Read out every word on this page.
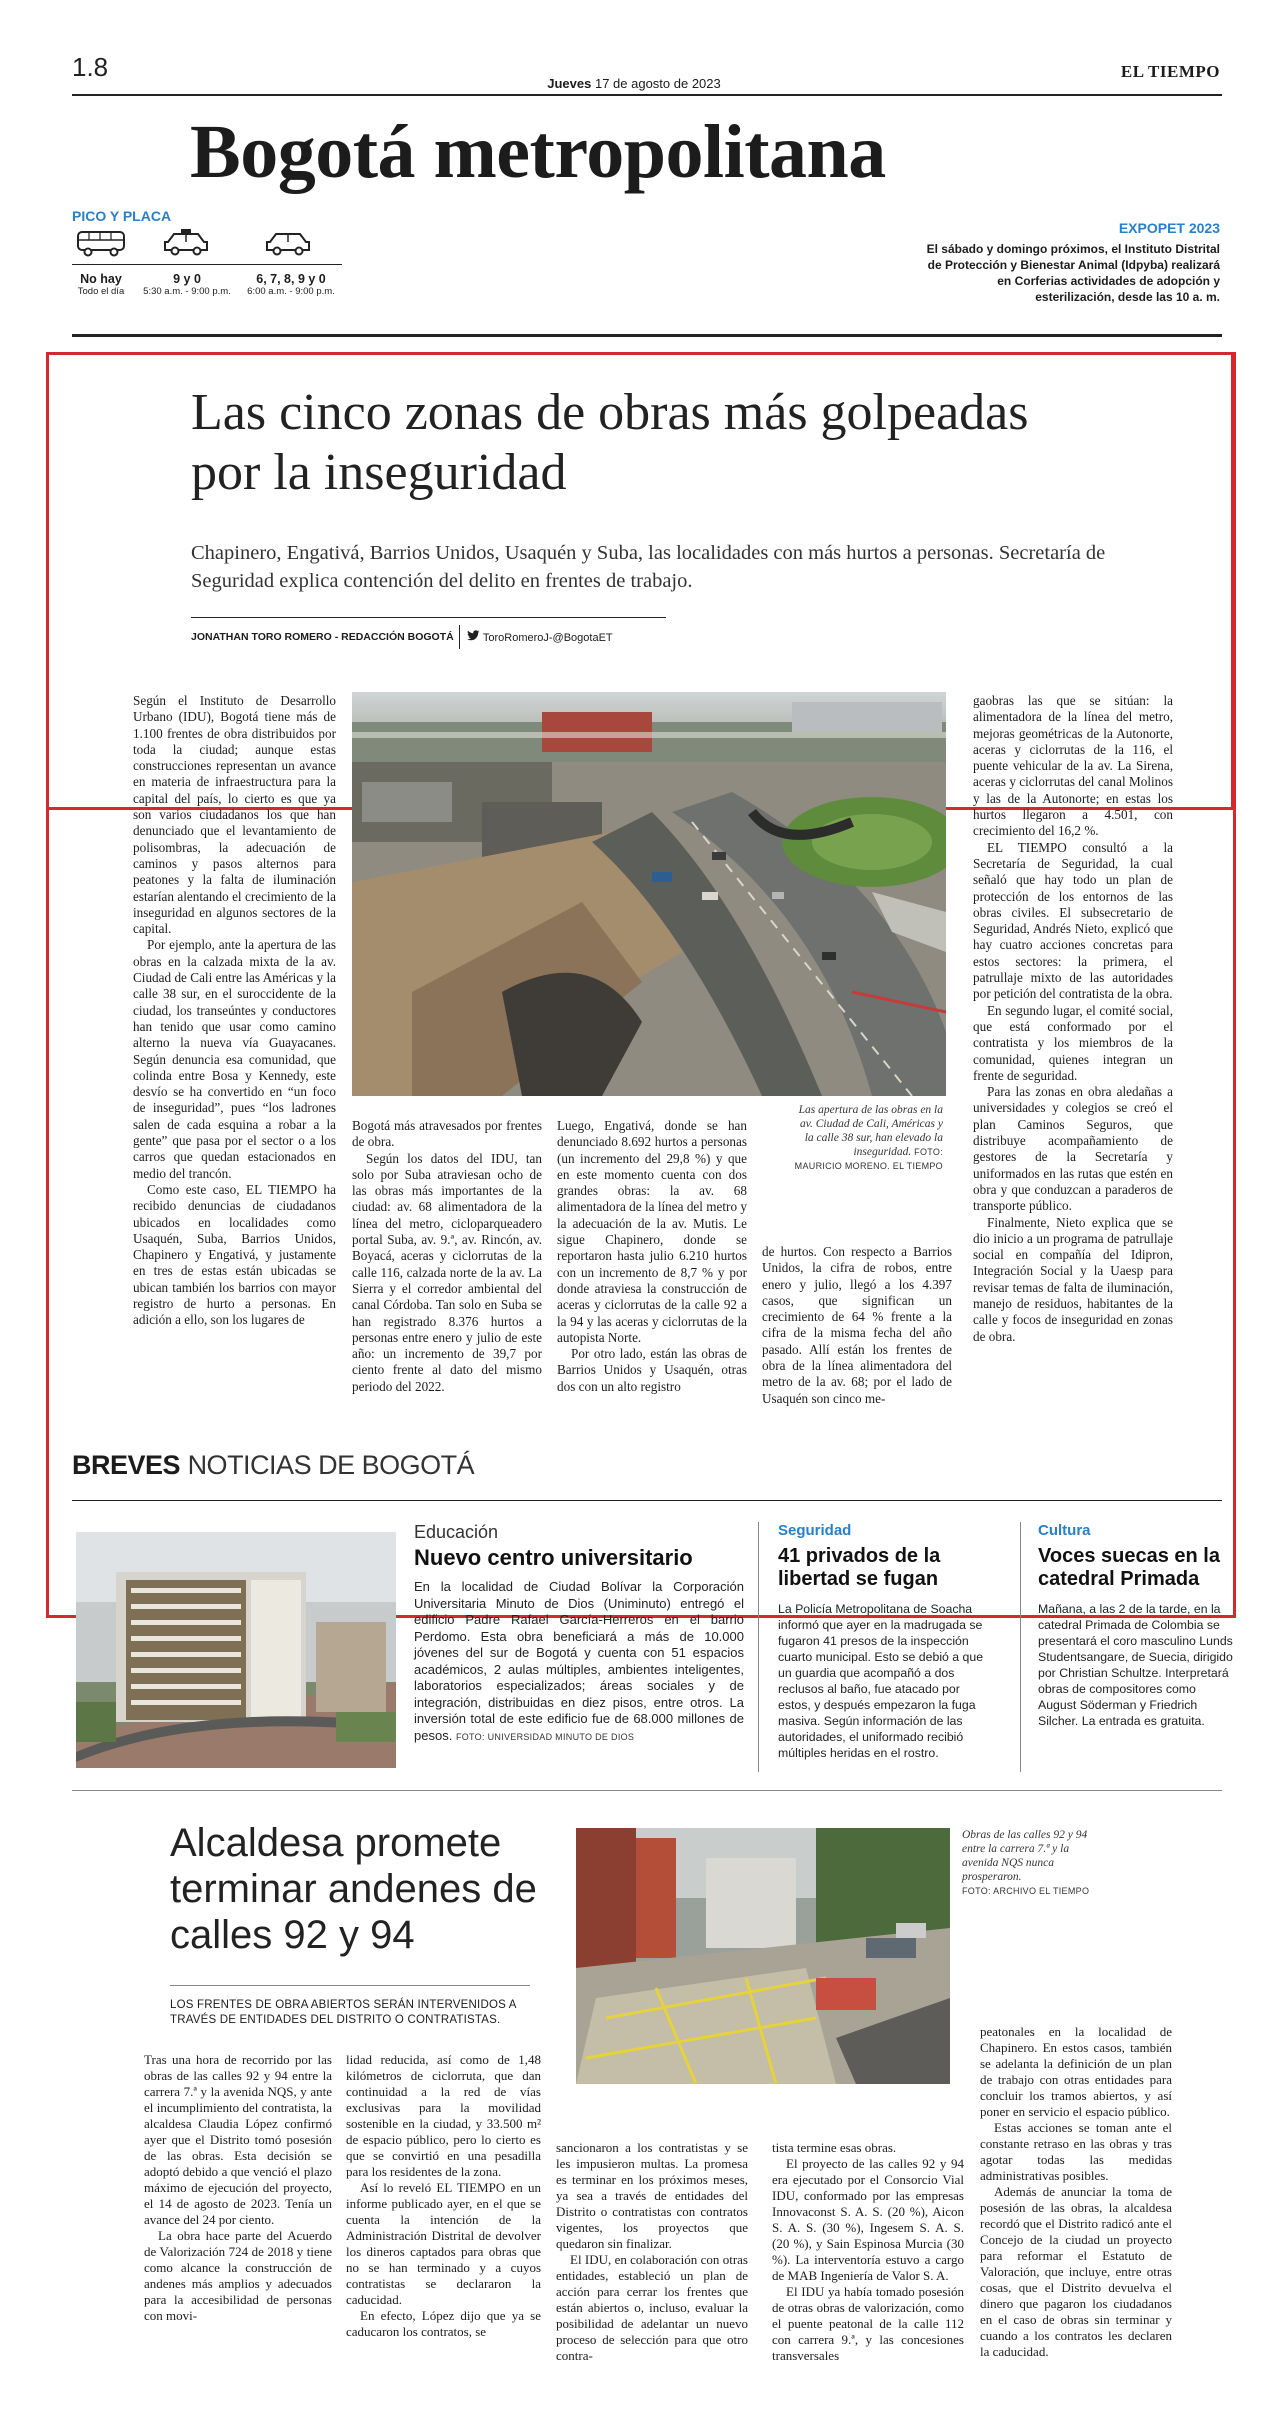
1.8
Jueves 17 de agosto de 2023
EL TIEMPO
Bogotá metropolitana
PICO Y PLACA
No hay
Todo el día
9 y 0
5:30 a.m. - 9:00 p.m.
6, 7, 8, 9 y 0
6:00 a.m. - 9:00 p.m.
EXPOPET 2023
El sábado y domingo próximos, el Instituto Distrital de Protección y Bienestar Animal (Idpyba) realizará en Corferias actividades de adopción y esterilización, desde las 10 a. m.
Las cinco zonas de obras más golpeadas por la inseguridad
Chapinero, Engativá, Barrios Unidos, Usaquén y Suba, las localidades con más hurtos a personas. Secretaría de Seguridad explica contención del delito en frentes de trabajo.
JONATHAN TORO ROMERO - REDACCIÓN BOGOTÁ	ToroRomeroJ-@BogotaET
Las apertura de las obras en la av. Ciudad de Cali, Américas y la calle 38 sur, han elevado la inseguridad. FOTO:
MAURICIO MORENO. EL TIEMPO

Según el Instituto de Desarrollo Urbano (IDU), Bogotá tiene más de 1.100 frentes de obra distribuidos por toda la ciudad; aunque estas construcciones representan un avance en materia de infraestructura para la capital del país, lo cierto es que ya son varios ciudadanos los que han denunciado que el levantamiento de polisombras, la adecuación de caminos y pasos alternos para peatones y la falta de iluminación estarían alentando el crecimiento de la inseguridad en algunos sectores de la capital.

Por ejemplo, ante la apertura de las obras en la calzada mixta de la av. Ciudad de Cali entre las Américas y la calle 38 sur, en el suroccidente de la ciudad, los transeúntes y conductores han tenido que usar como camino alterno la nueva vía Guayacanes. Según denuncia esa comunidad, que colinda entre Bosa y Kennedy, este desvío se ha convertido en “un foco de inseguridad”, pues “los ladrones salen de cada esquina a robar a la gente” que pasa por el sector o a los carros que quedan estacionados en medio del trancón.

Como este caso, EL TIEMPO ha recibido denuncias de ciudadanos ubicados en localidades como Usaquén, Suba, Barrios Unidos, Chapinero y Engativá, y justamente en tres de estas están ubicadas se ubican también los barrios con mayor registro de hurto a personas. En adición a ello, son los lugares de

Bogotá más atravesados por frentes de obra.

Según los datos del IDU, tan solo por Suba atraviesan ocho de las obras más importantes de la ciudad: av. 68 alimentadora de la línea del metro, cicloparqueadero portal Suba, av. 9.ª, av. Rincón, av. Boyacá, aceras y ciclorrutas de la calle 116, calzada norte de la av. La Sierra y el corredor ambiental del canal Córdoba. Tan solo en Suba se han registrado 8.376 hurtos a personas entre enero y julio de este año: un incremento de 39,7 por ciento frente al dato del mismo periodo del 2022.

Luego, Engativá, donde se han denunciado 8.692 hurtos a personas (un incremento del 29,8 %) y que en este momento cuenta con dos grandes obras: la av. 68 alimentadora de la línea del metro y la adecuación de la av. Mutis. Le sigue Chapinero, donde se reportaron hasta julio 6.210 hurtos con un incremento de 8,7 % y por donde atraviesa la construcción de aceras y ciclorrutas de la calle 92 a la 94 y las aceras y ciclorrutas de la autopista Norte.

Por otro lado, están las obras de Barrios Unidos y Usaquén, otras dos con un alto registro

de hurtos. Con respecto a Barrios Unidos, la cifra de robos, entre enero y julio, llegó a los 4.397 casos, que significan un crecimiento de 64 % frente a la cifra de la misma fecha del año pasado. Allí están los frentes de obra de la línea alimentadora del metro de la av. 68; por el lado de Usaquén son cinco me-

gaobras las que se sitúan: la alimentadora de la línea del metro, mejoras geométricas de la Autonorte, aceras y ciclorrutas de la 116, el puente vehicular de la av. La Sirena, aceras y ciclorrutas del canal Molinos y las de la Autonorte; en estas los hurtos llegaron a 4.501, con crecimiento del 16,2 %.

EL TIEMPO consultó a la Secretaría de Seguridad, la cual señaló que hay todo un plan de protección de los entornos de las obras civiles. El subsecretario de Seguridad, Andrés Nieto, explicó que hay cuatro acciones concretas para estos sectores: la primera, el patrullaje mixto de las autoridades por petición del contratista de la obra.

En segundo lugar, el comité social, que está conformado por el contratista y los miembros de la comunidad, quienes integran un frente de seguridad.

Para las zonas en obra aledañas a universidades y colegios se creó el plan Caminos Seguros, que distribuye acompañamiento de gestores de la Secretaría y uniformados en las rutas que estén en obra y que conduzcan a paraderos de transporte público.

Finalmente, Nieto explica que se dio inicio a un programa de patrullaje social en compañía del Idipron, Integración Social y la Uaesp para revisar temas de falta de iluminación, manejo de residuos, habitantes de la calle y focos de inseguridad en zonas de obra.

BREVES NOTICIAS DE BOGOTÁ
Educación
Nuevo centro universitario
En la localidad de Ciudad Bolívar la Corporación Universitaria Minuto de Dios (Uniminuto) entregó el edificio Padre Rafael García-Herreros en el barrio Perdomo. Esta obra beneficiará a más de 10.000 jóvenes del sur de Bogotá y cuenta con 51 espacios académicos, 2 aulas múltiples, ambientes inteligentes, laboratorios especializados; áreas sociales y de integración, distribuidas en diez pisos, entre otros. La inversión total de este edificio fue de 68.000 millones de pesos. FOTO: UNIVERSIDAD MINUTO DE DIOS
Seguridad
41 privados de la libertad se fugan
La Policía Metropolitana de Soacha informó que ayer en la madrugada se fugaron 41 presos de la inspección cuarto municipal. Esto se debió a que un guardia que acompañó a dos reclusos al baño, fue atacado por estos, y después empezaron la fuga masiva. Según información de las autoridades, el uniformado recibió múltiples heridas en el rostro.
Cultura
Voces suecas en la catedral Primada
Mañana, a las 2 de la tarde, en la catedral Primada de Colombia se presentará el coro masculino Lunds Studentsangare, de Suecia, dirigido por Christian Schultze. Interpretará obras de compositores como August Söderman y Friedrich Silcher. La entrada es gratuita.
Alcaldesa promete terminar andenes de calles 92 y 94
LOS FRENTES DE OBRA ABIERTOS SERÁN INTERVENIDOS A TRAVÉS DE ENTIDADES DEL DISTRITO O CONTRATISTAS.
Obras de las calles 92 y 94 entre la carrera 7.ª y la avenida NQS nunca prosperaron.
FOTO: ARCHIVO EL TIEMPO

Tras una hora de recorrido por las obras de las calles 92 y 94 entre la carrera 7.ª y la avenida NQS, y ante el incumplimiento del contratista, la alcaldesa Claudia López confirmó ayer que el Distrito tomó posesión de las obras. Esta decisión se adoptó debido a que venció el plazo máximo de ejecución del proyecto, el 14 de agosto de 2023. Tenía un avance del 24 por ciento.

La obra hace parte del Acuerdo de Valorización 724 de 2018 y tiene como alcance la construcción de andenes más amplios y adecuados para la accesibilidad de personas con movi-

lidad reducida, así como de 1,48 kilómetros de ciclorruta, que dan continuidad a la red de vías exclusivas para la movilidad sostenible en la ciudad, y 33.500 m² de espacio público, pero lo cierto es que se convirtió en una pesadilla para los residentes de la zona.

Así lo reveló EL TIEMPO en un informe publicado ayer, en el que se cuenta la intención de la Administración Distrital de devolver los dineros captados para obras que no se han terminado y a cuyos contratistas se declararon la caducidad.

En efecto, López dijo que ya se caducaron los contratos, se

sancionaron a los contratistas y se les impusieron multas. La promesa es terminar en los próximos meses, ya sea a través de entidades del Distrito o contratistas con contratos vigentes, los proyectos que quedaron sin finalizar.

El IDU, en colaboración con otras entidades, estableció un plan de acción para cerrar los frentes que están abiertos o, incluso, evaluar la posibilidad de adelantar un nuevo proceso de selección para que otro contra-

tista termine esas obras.

El proyecto de las calles 92 y 94 era ejecutado por el Consorcio Vial IDU, conformado por las empresas Innovaconst S. A. S. (20 %), Aicon S. A. S. (30 %), Ingesem S. A. S. (20 %), y Sain Espinosa Murcia (30 %). La interventoría estuvo a cargo de MAB Ingeniería de Valor S. A.

El IDU ya había tomado posesión de otras obras de valorización, como el puente peatonal de la calle 112 con carrera 9.ª, y las concesiones transversales

peatonales en la localidad de Chapinero. En estos casos, también se adelanta la definición de un plan de trabajo con otras entidades para concluir los tramos abiertos, y así poner en servicio el espacio público.

Estas acciones se toman ante el constante retraso en las obras y tras agotar todas las medidas administrativas posibles.

Además de anunciar la toma de posesión de las obras, la alcaldesa recordó que el Distrito radicó ante el Concejo de la ciudad un proyecto para reformar el Estatuto de Valoración, que incluye, entre otras cosas, que el Distrito devuelva el dinero que pagaron los ciudadanos en el caso de obras sin terminar y cuando a los contratos les declaren la caducidad.
